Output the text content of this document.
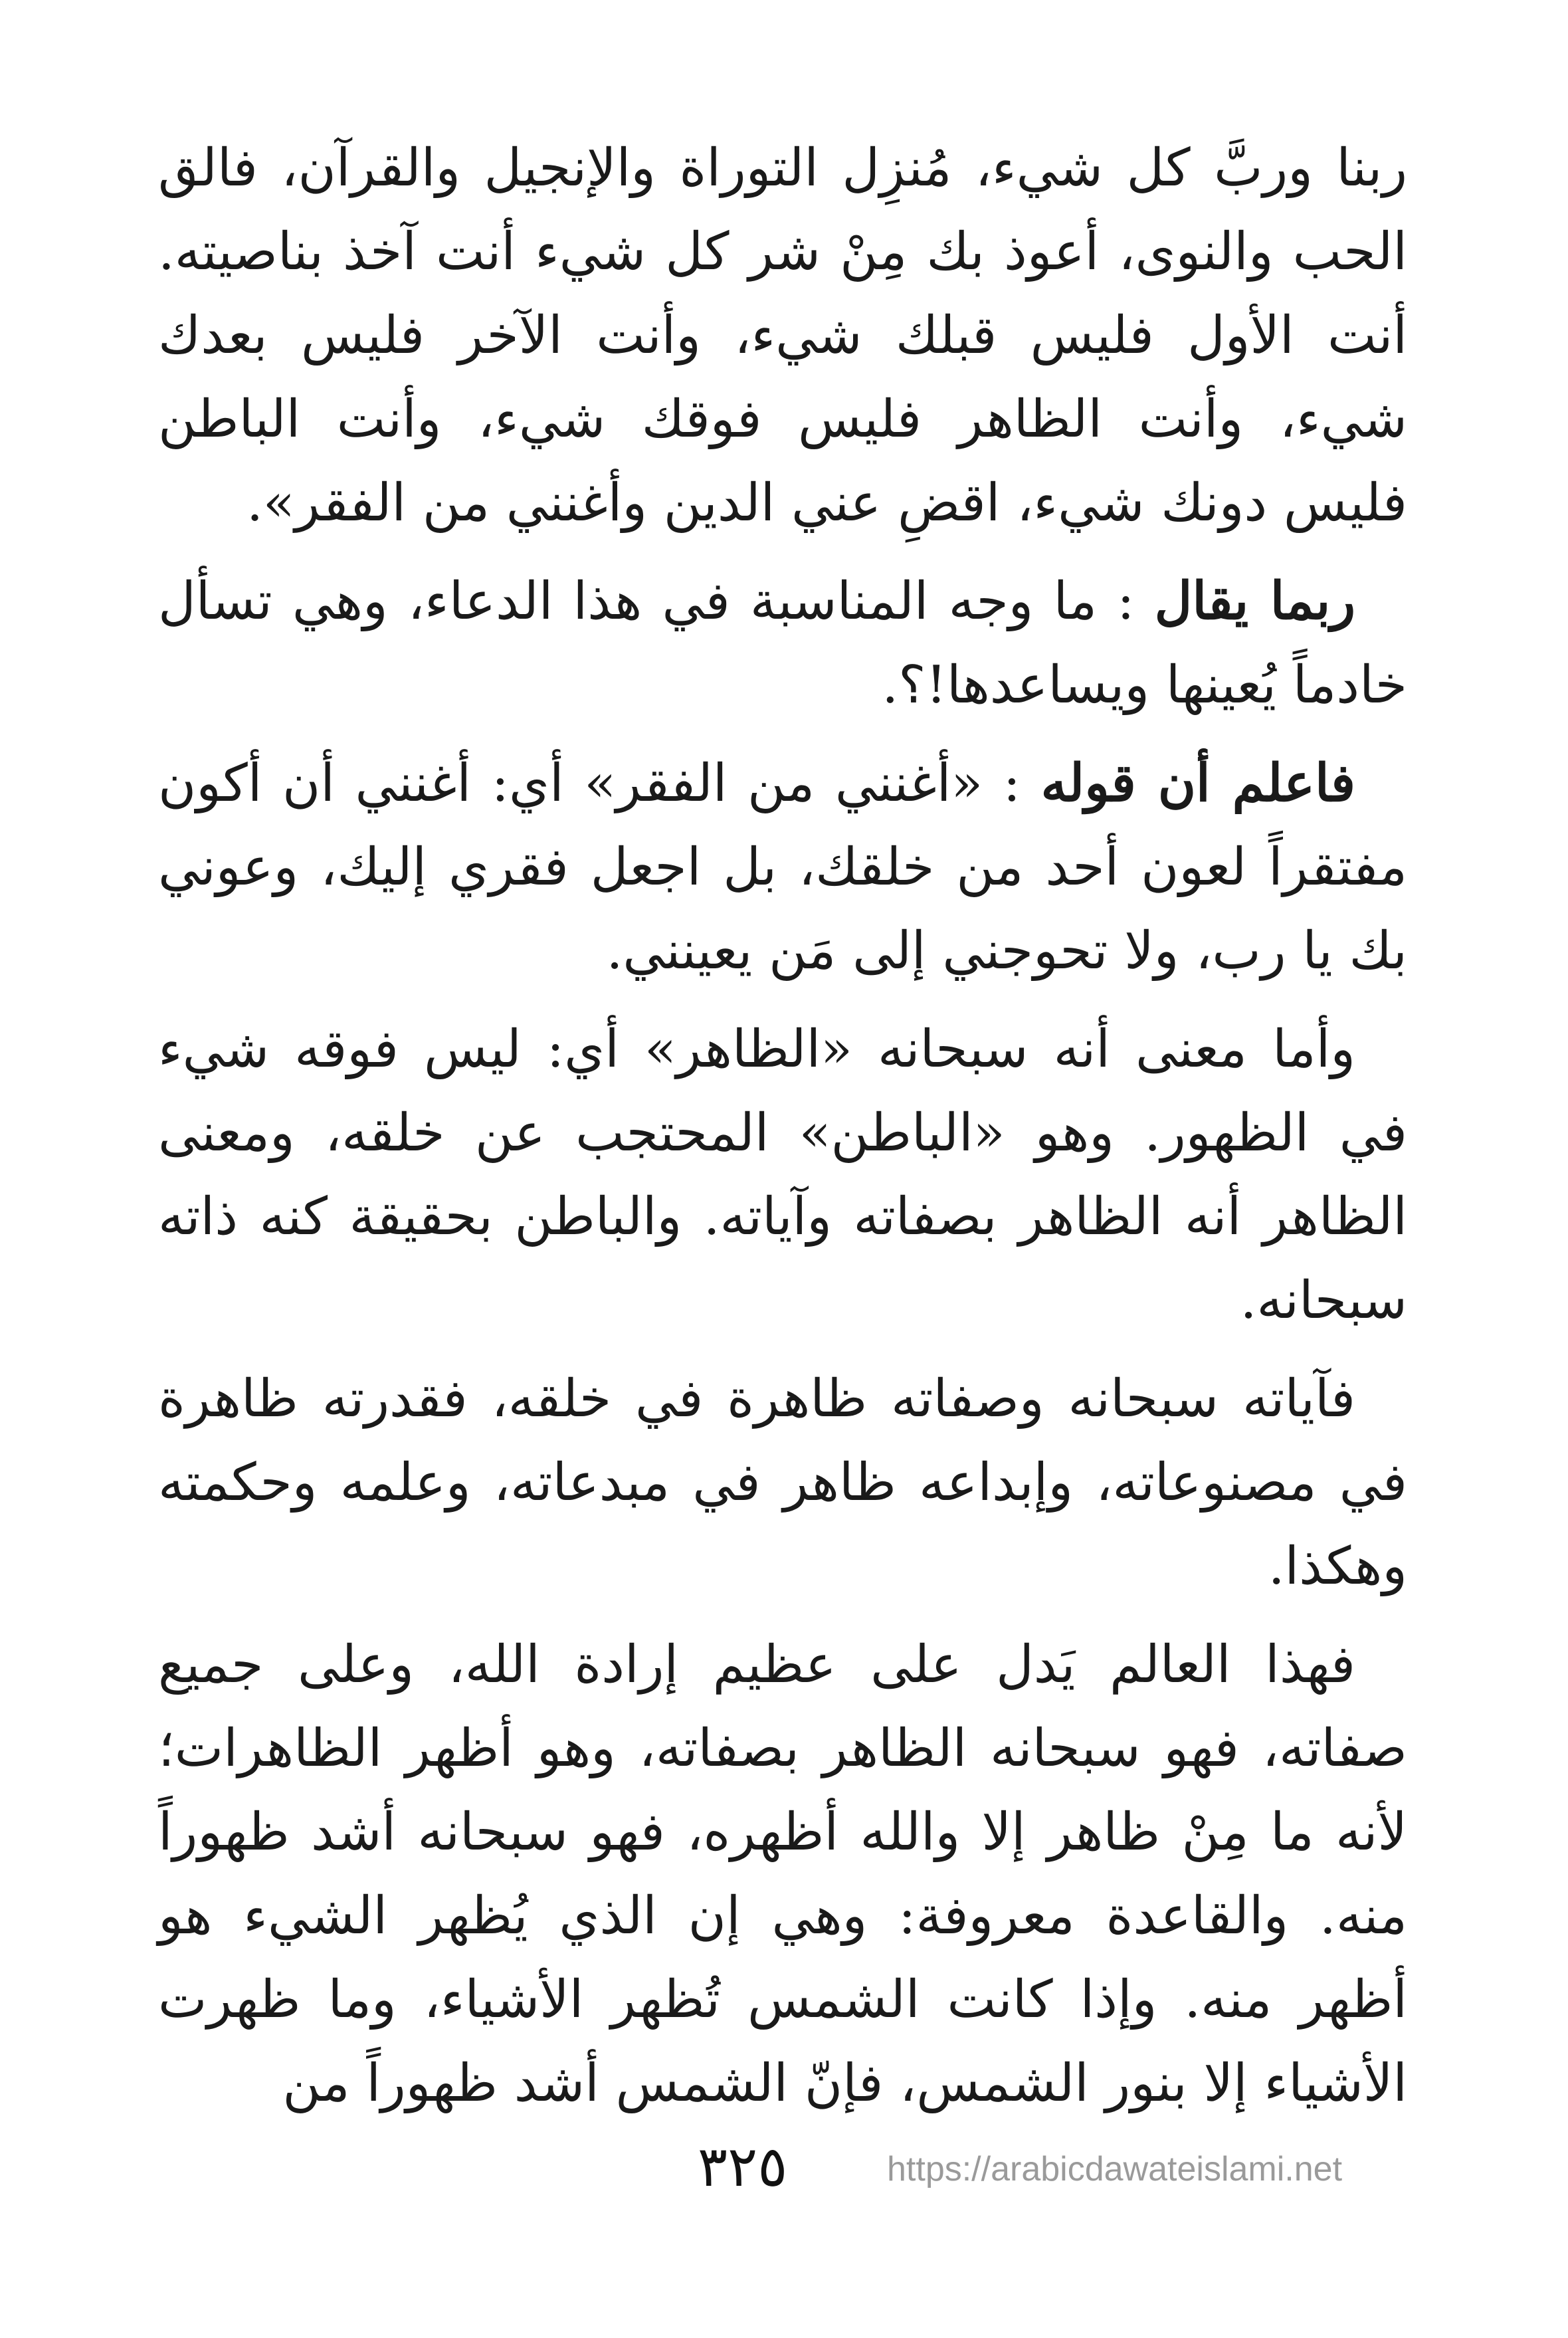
ربنا وربَّ كل شيء، مُنزِل التوراة والإنجيل والقرآن، فالق الحب والنوى، أعوذ بك مِنْ شر كل شيء أنت آخذ بناصيته. أنت الأول فليس قبلك شيء، وأنت الآخر فليس بعدك شيء، وأنت الظاهر فليس فوقك شيء، وأنت الباطن فليس دونك شيء، اقضِ عني الدين وأغنني من الفقر».

ربما يقال : ما وجه المناسبة في هذا الدعاء، وهي تسأل خادماً يُعينها ويساعدها!؟.

فاعلم أن قوله : «أغنني من الفقر» أي: أغنني أن أكون مفتقراً لعون أحد من خلقك، بل اجعل فقري إليك، وعوني بك يا رب، ولا تحوجني إلى مَن يعينني.

وأما معنى أنه سبحانه «الظاهر» أي: ليس فوقه شيء في الظهور. وهو «الباطن» المحتجب عن خلقه، ومعنى الظاهر أنه الظاهر بصفاته وآياته. والباطن بحقيقة كنه ذاته سبحانه.

فآياته سبحانه وصفاته ظاهرة في خلقه، فقدرته ظاهرة في مصنوعاته، وإبداعه ظاهر في مبدعاته، وعلمه وحكمته وهكذا.

فهذا العالم يَدل على عظيم إرادة الله، وعلى جميع صفاته، فهو سبحانه الظاهر بصفاته، وهو أظهر الظاهرات؛ لأنه ما مِنْ ظاهر إلا والله أظهره، فهو سبحانه أشد ظهوراً منه. والقاعدة معروفة: وهي إن الذي يُظهر الشيء هو أظهر منه. وإذا كانت الشمس تُظهر الأشياء، وما ظهرت الأشياء إلا بنور الشمس، فإنّ الشمس أشد ظهوراً من

٣٢٥	https://arabicdawateislami.net
